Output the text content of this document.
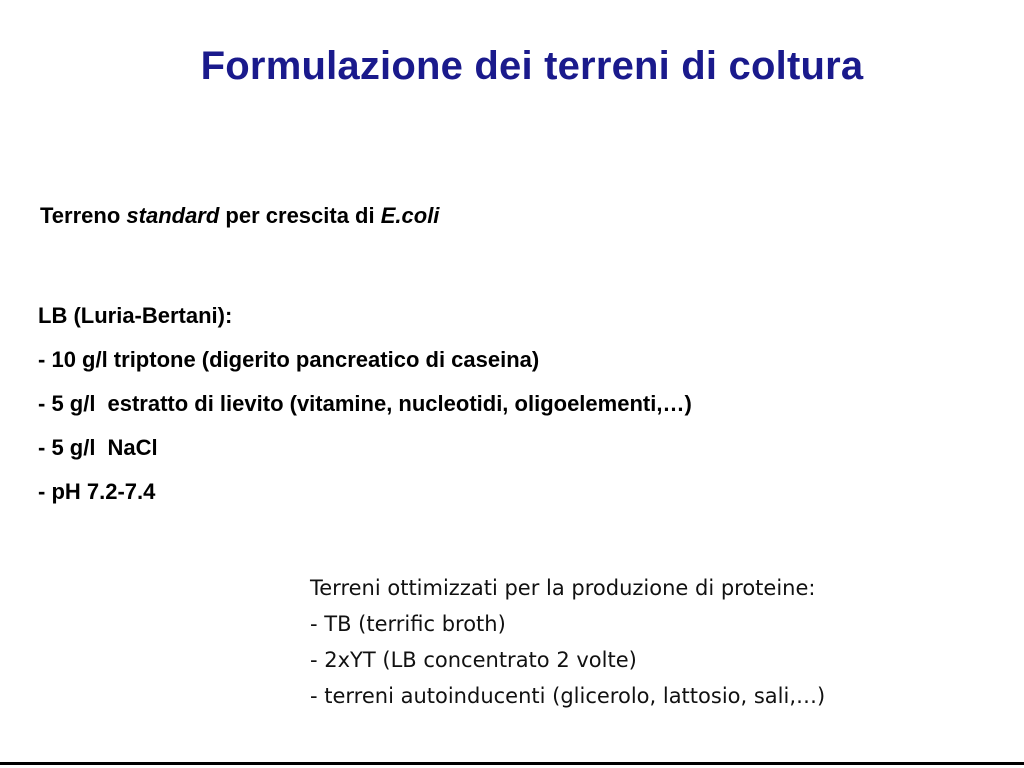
Formulazione dei terreni di coltura
Terreno standard per crescita di E.coli
LB (Luria-Bertani):
- 10 g/l triptone (digerito pancreatico di caseina)
- 5 g/l estratto di lievito (vitamine, nucleotidi, oligoelementi,…)
- 5 g/l NaCl
- pH 7.2-7.4
Terreni ottimizzati per la produzione di proteine:
- TB (terrific broth)
- 2xYT (LB concentrato 2 volte)
- terreni autoinducenti (glicerolo, lattosio, sali,…)
